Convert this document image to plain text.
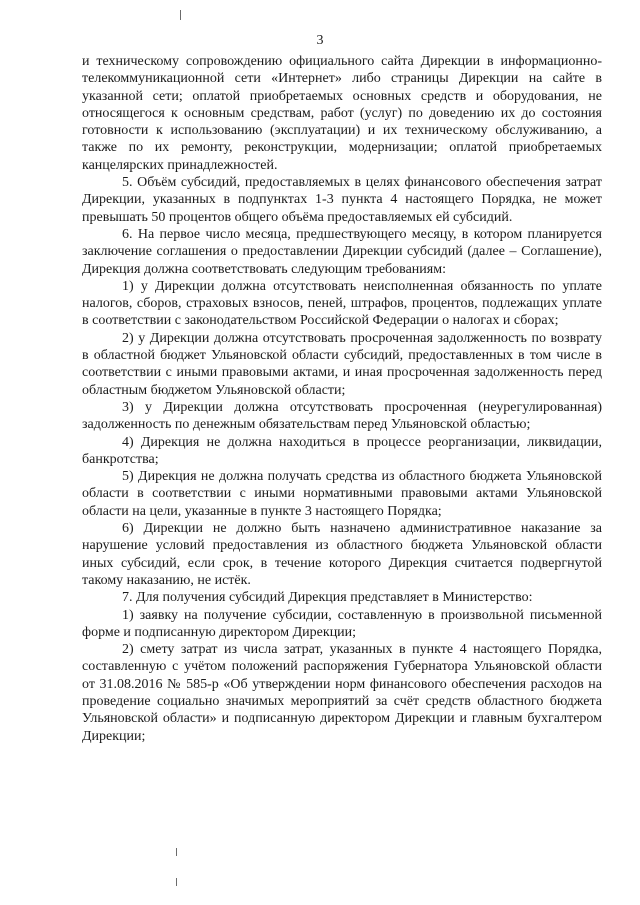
3

и техническому сопровождению официального сайта Дирекции в информационно-телекоммуникационной сети «Интернет» либо страницы Дирекции на сайте в указанной сети; оплатой приобретаемых основных средств и оборудования, не относящегося к основным средствам, работ (услуг) по доведению их до состояния готовности к использованию (эксплуатации) и их техническому обслуживанию, а также по их ремонту, реконструкции, модернизации; оплатой приобретаемых канцелярских принадлежностей.

5. Объём субсидий, предоставляемых в целях финансового обеспечения затрат Дирекции, указанных в подпунктах 1-3 пункта 4 настоящего Порядка, не может превышать 50 процентов общего объёма предоставляемых ей субсидий.

6. На первое число месяца, предшествующего месяцу, в котором планируется заключение соглашения о предоставлении Дирекции субсидий (далее – Соглашение), Дирекция должна соответствовать следующим требованиям:

1) у Дирекции должна отсутствовать неисполненная обязанность по уплате налогов, сборов, страховых взносов, пеней, штрафов, процентов, подлежащих уплате в соответствии с законодательством Российской Федерации о налогах и сборах;

2) у Дирекции должна отсутствовать просроченная задолженность по возврату в областной бюджет Ульяновской области субсидий, предоставленных в том числе в соответствии с иными правовыми актами, и иная просроченная задолженность перед областным бюджетом Ульяновской области;

3) у Дирекции должна отсутствовать просроченная (неурегулированная) задолженность по денежным обязательствам перед Ульяновской областью;

4) Дирекция не должна находиться в процессе реорганизации, ликвидации, банкротства;

5) Дирекция не должна получать средства из областного бюджета Ульяновской области в соответствии с иными нормативными правовыми актами Ульяновской области на цели, указанные в пункте 3 настоящего Порядка;

6) Дирекции не должно быть назначено административное наказание за нарушение условий предоставления из областного бюджета Ульяновской области иных субсидий, если срок, в течение которого Дирекция считается подвергнутой такому наказанию, не истёк.

7. Для получения субсидий Дирекция представляет в Министерство:

1) заявку на получение субсидии, составленную в произвольной письменной форме и подписанную директором Дирекции;

2) смету затрат из числа затрат, указанных в пункте 4 настоящего Порядка, составленную с учётом положений распоряжения Губернатора Ульяновской области от 31.08.2016 № 585-р «Об утверждении норм финансового обеспечения расходов на проведение социально значимых мероприятий за счёт средств областного бюджета Ульяновской области» и подписанную директором Дирекции и главным бухгалтером Дирекции;
